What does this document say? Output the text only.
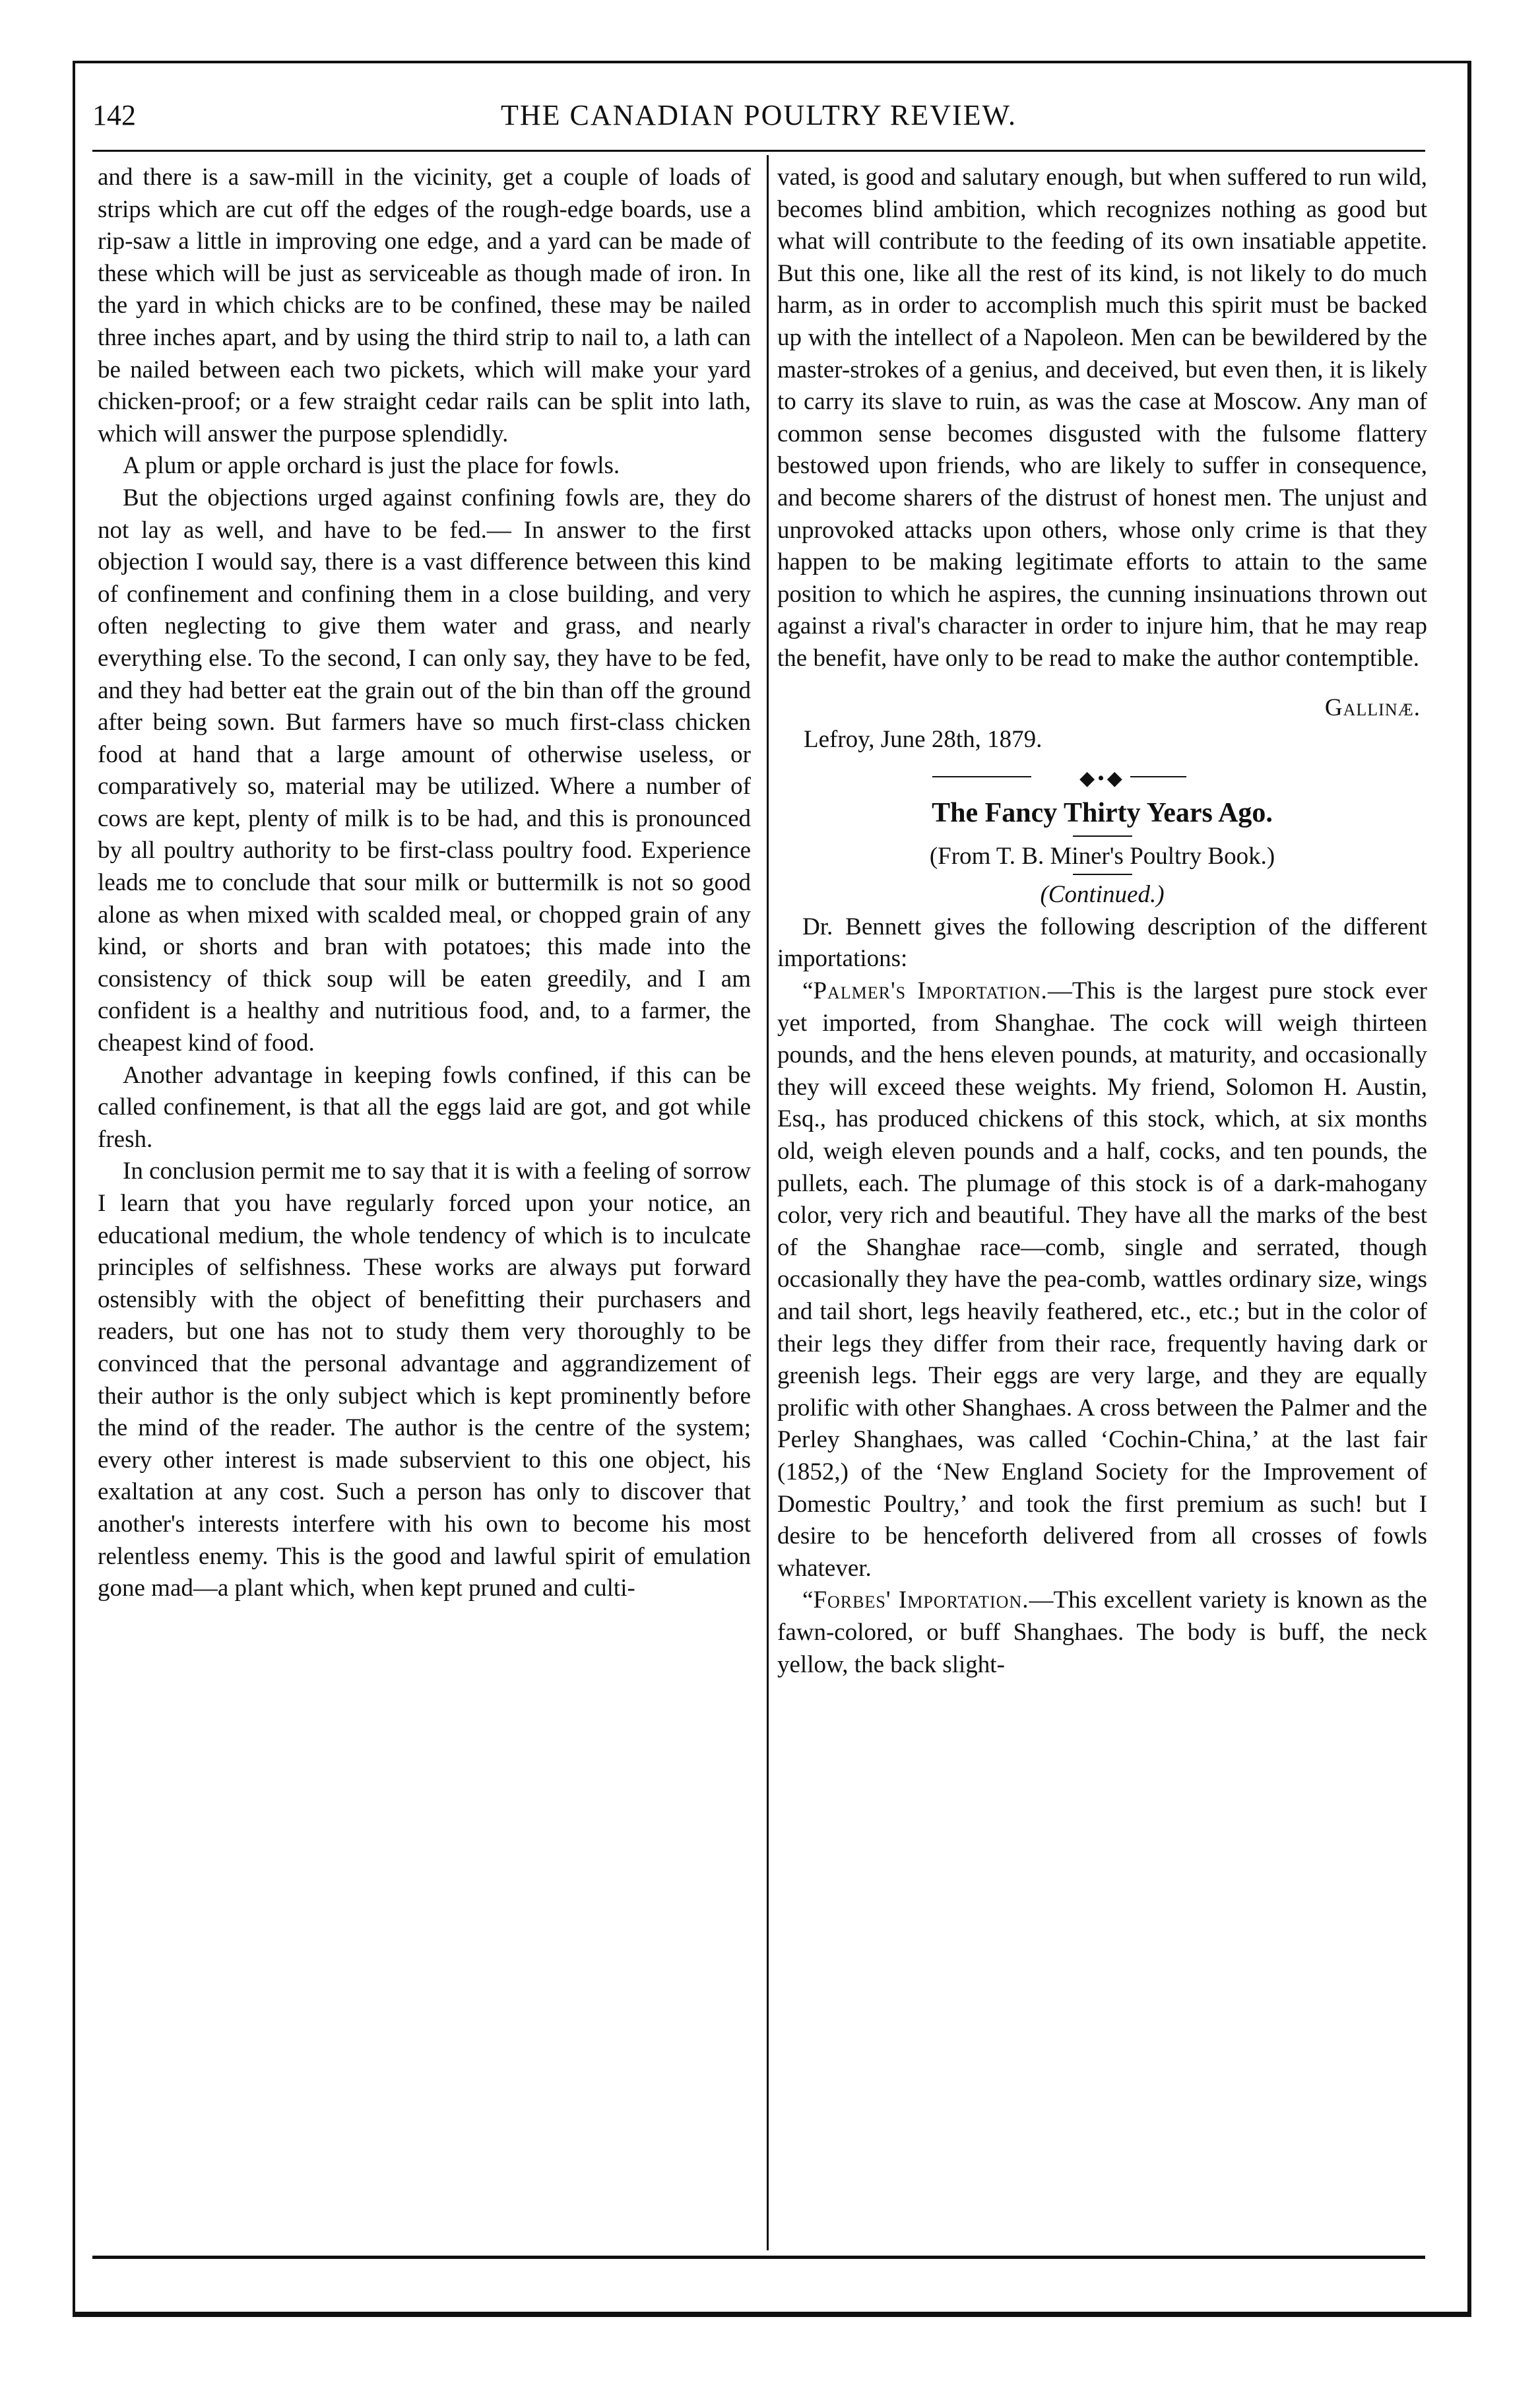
142	THE CANADIAN POULTRY REVIEW.

and there is a saw-mill in the vicinity, get a couple of loads of strips which are cut off the edges of the rough-edge boards, use a rip-saw a little in improving one edge, and a yard can be made of these which will be just as serviceable as though made of iron. In the yard in which chicks are to be confined, these may be nailed three inches apart, and by using the third strip to nail to, a lath can be nailed between each two pickets, which will make your yard chicken-proof; or a few straight cedar rails can be split into lath, which will answer the purpose splendidly.

A plum or apple orchard is just the place for fowls.

But the objections urged against confining fowls are, they do not lay as well, and have to be fed.— In answer to the first objection I would say, there is a vast difference between this kind of confinement and confining them in a close building, and very often neglecting to give them water and grass, and nearly everything else. To the second, I can only say, they have to be fed, and they had better eat the grain out of the bin than off the ground after being sown. But farmers have so much first-class chicken food at hand that a large amount of otherwise useless, or comparatively so, material may be utilized. Where a number of cows are kept, plenty of milk is to be had, and this is pronounced by all poultry authority to be first-class poultry food. Experience leads me to conclude that sour milk or buttermilk is not so good alone as when mixed with scalded meal, or chopped grain of any kind, or shorts and bran with potatoes; this made into the consistency of thick soup will be eaten greedily, and I am confident is a healthy and nutritious food, and, to a farmer, the cheapest kind of food.

Another advantage in keeping fowls confined, if this can be called confinement, is that all the eggs laid are got, and got while fresh.

In conclusion permit me to say that it is with a feeling of sorrow I learn that you have regularly forced upon your notice, an educational medium, the whole tendency of which is to inculcate principles of selfishness. These works are always put forward ostensibly with the object of benefitting their purchasers and readers, but one has not to study them very thoroughly to be convinced that the personal advantage and aggrandizement of their author is the only subject which is kept prominently before the mind of the reader. The author is the centre of the system; every other interest is made subservient to this one object, his exaltation at any cost. Such a person has only to discover that another's interests interfere with his own to become his most relentless enemy. This is the good and lawful spirit of emulation gone mad—a plant which, when kept pruned and culti-

vated, is good and salutary enough, but when suffered to run wild, becomes blind ambition, which recognizes nothing as good but what will contribute to the feeding of its own insatiable appetite. But this one, like all the rest of its kind, is not likely to do much harm, as in order to accomplish much this spirit must be backed up with the intellect of a Napoleon. Men can be bewildered by the master-strokes of a genius, and deceived, but even then, it is likely to carry its slave to ruin, as was the case at Moscow. Any man of common sense becomes disgusted with the fulsome flattery bestowed upon friends, who are likely to suffer in consequence, and become sharers of the distrust of honest men. The unjust and unprovoked attacks upon others, whose only crime is that they happen to be making legitimate efforts to attain to the same position to which he aspires, the cunning insinuations thrown out against a rival's character in order to injure him, that he may reap the benefit, have only to be read to make the author contemptible.

Gallinæ.
Lefroy, June 28th, 1879.
◆•◆
The Fancy Thirty Years Ago.

(From T. B. Miner's Poultry Book.)

(Continued.)

Dr. Bennett gives the following description of the different importations:

“Palmer's Importation.—This is the largest pure stock ever yet imported, from Shanghae. The cock will weigh thirteen pounds, and the hens eleven pounds, at maturity, and occasionally they will exceed these weights. My friend, Solomon H. Austin, Esq., has produced chickens of this stock, which, at six months old, weigh eleven pounds and a half, cocks, and ten pounds, the pullets, each. The plumage of this stock is of a dark-mahogany color, very rich and beautiful. They have all the marks of the best of the Shanghae race—comb, single and serrated, though occasionally they have the pea-comb, wattles ordinary size, wings and tail short, legs heavily feathered, etc., etc.; but in the color of their legs they differ from their race, frequently having dark or greenish legs. Their eggs are very large, and they are equally prolific with other Shanghaes. A cross between the Palmer and the Perley Shanghaes, was called ‘Cochin-China,’ at the last fair (1852,) of the ‘New England Society for the Improvement of Domestic Poultry,’ and took the first premium as such! but I desire to be henceforth delivered from all crosses of fowls whatever.

“Forbes' Importation.—This excellent variety is known as the fawn-colored, or buff Shanghaes. The body is buff, the neck yellow, the back slight-
